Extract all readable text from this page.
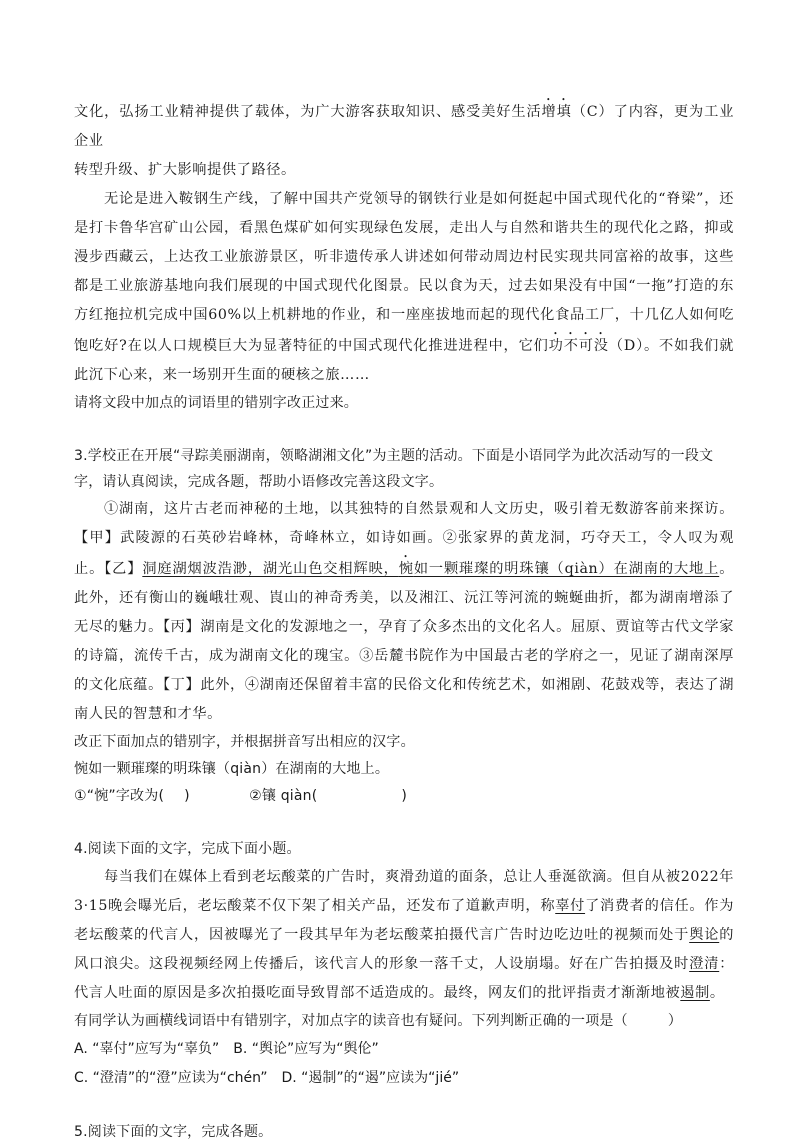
文化，弘扬工业精神提供了载体，为广大游客获取知识、感受美好生活增填（C）了内容，更为工业企业
转型升级、扩大影响提供了路径。

无论是进入鞍钢生产线，了解中国共产党领导的钢铁行业是如何挺起中国式现代化的“脊梁”，还是打卡鲁华宫矿山公园，看黑色煤矿如何实现绿色发展，走出人与自然和谐共生的现代化之路，抑或漫步西藏云，上达孜工业旅游景区，听非遗传承人讲述如何带动周边村民实现共同富裕的故事，这些都是工业旅游基地向我们展现的中国式现代化图景。民以食为天，过去如果没有中国“一拖”打造的东方红拖拉机完成中国60%以上机耕地的作业，和一座座拔地而起的现代化食品工厂，十几亿人如何吃饱吃好?在以人口规模巨大为显著特征的中国式现代化推进进程中，它们功不可没（D）。不如我们就此沉下心来，来一场别开生面的硬核之旅……

请将文段中加点的词语里的错别字改正过来。

3.学校正在开展“寻踪美丽湖南，领略湖湘文化”为主题的活动。下面是小语同学为此次活动写的一段文字，请认真阅读，完成各题，帮助小语修改完善这段文字。

①湖南，这片古老而神秘的土地，以其独特的自然景观和人文历史，吸引着无数游客前来探访。【甲】武陵源的石英砂岩峰林，奇峰林立，如诗如画。②张家界的黄龙洞，巧夺天工，令人叹为观止。【乙】洞庭湖烟波浩渺，湖光山色交相辉映，惋如一颗璀璨的明珠镶（qiàn）在湖南的大地上。此外，还有衡山的巍峨壮观、崀山的神奇秀美，以及湘江、沅江等河流的蜿蜒曲折，都为湖南增添了无尽的魅力。【丙】湖南是文化的发源地之一，孕育了众多杰出的文化名人。屈原、贾谊等古代文学家的诗篇，流传千古，成为湖南文化的瑰宝。③岳麓书院作为中国最古老的学府之一，见证了湖南深厚的文化底蕴。【丁】此外，④湖南还保留着丰富的民俗文化和传统艺术，如湘剧、花鼓戏等，表达了湖南人民的智慧和才华。

改正下面加点的错别字，并根据拼音写出相应的汉字。

惋如一颗璀璨的明珠镶（qiàn）在湖南的大地上。

①“惋”字改为( )	②镶 qiàn(	)

4.阅读下面的文字，完成下面小题。

每当我们在媒体上看到老坛酸菜的广告时，爽滑劲道的面条，总让人垂涎欲滴。但自从被2022年3·15晚会曝光后，老坛酸菜不仅下架了相关产品，还发布了道歉声明，称辜付了消费者的信任。作为老坛酸菜的代言人，因被曝光了一段其早年为老坛酸菜拍摄代言广告时边吃边吐的视频而处于舆论的风口浪尖。这段视频经网上传播后，该代言人的形象一落千丈，人设崩塌。好在广告拍摄及时澄清：代言人吐面的原因是多次拍摄吃面导致胃部不适造成的。最终，网友们的批评指责才渐渐地被遏制。

有同学认为画横线词语中有错别字，对加点字的读音也有疑问。下列判断正确的一项是（	）

A. “辜付”应写为“辜负” B. “舆论”应写为“舆伦”

C. “澄清”的“澄”应读为“chén” D. “遏制”的“遏”应读为“jié”

5.阅读下面的文字，完成各题。
